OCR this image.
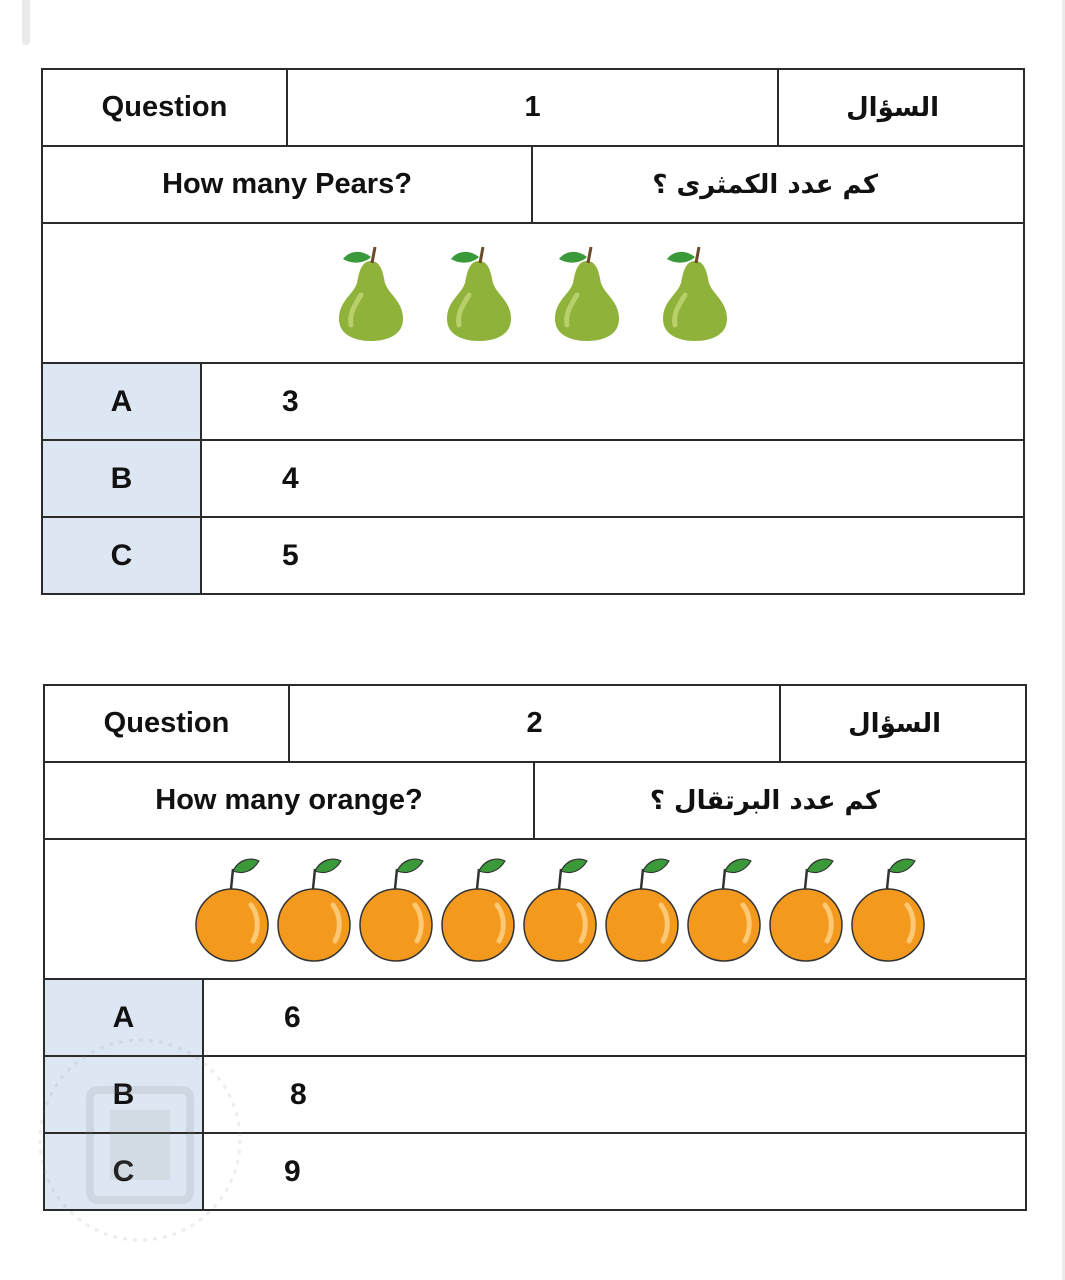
Question		1		السؤال
How many Pears?			كم عدد الكمثرى ؟	

A	3			
B	4			
C	5			
Question		2		السؤال
How many orange?			كم عدد البرتقال ؟	

A	6			
B	8			
C	9			
